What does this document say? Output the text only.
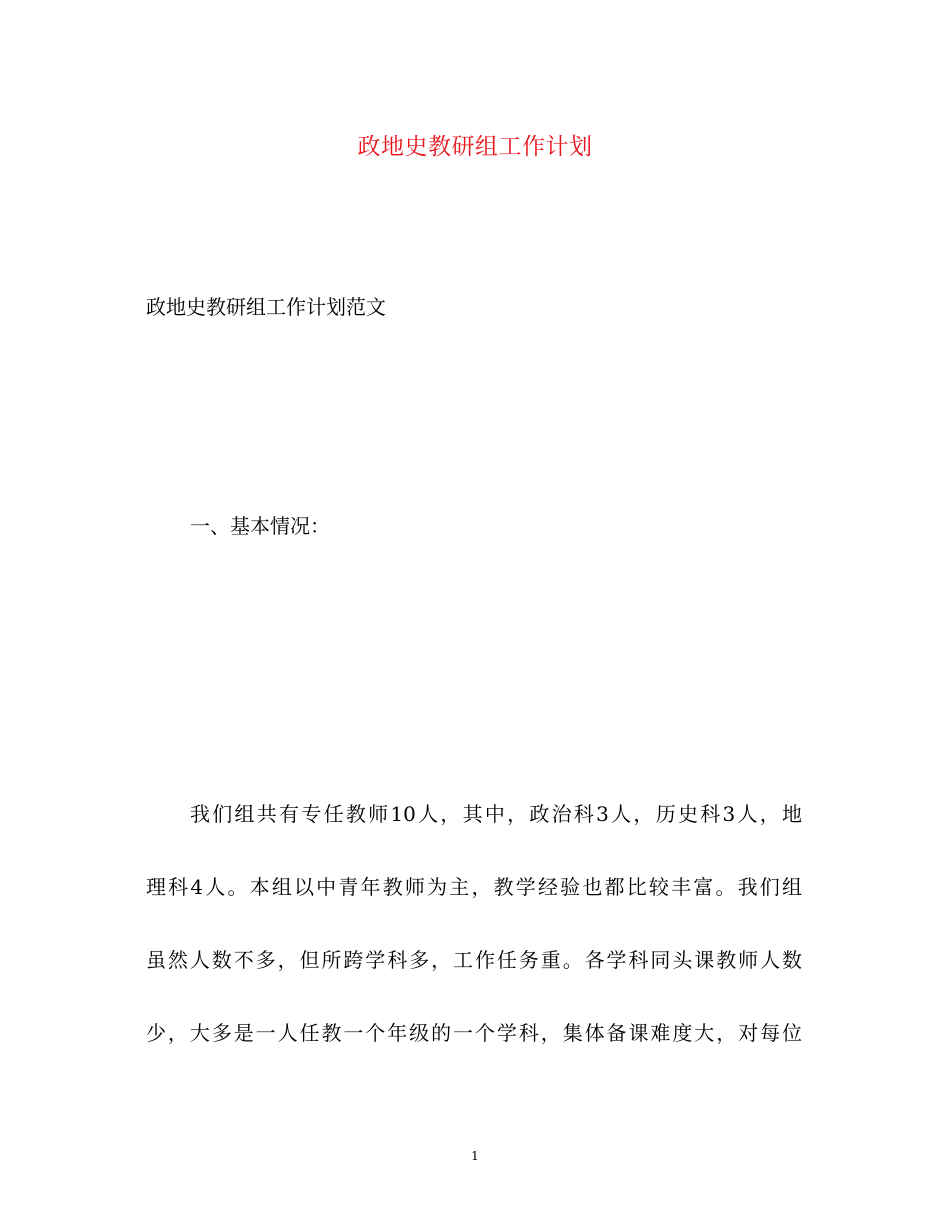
政地史教研组工作计划
政地史教研组工作计划范文
一、基本情况：
我们组共有专任教师10人，其中，政治科3人，历史科3人，地
理科4人。本组以中青年教师为主，教学经验也都比较丰富。我们组
虽然人数不多，但所跨学科多，工作任务重。各学科同头课教师人数
少，大多是一人任教一个年级的一个学科，集体备课难度大，对每位
1
